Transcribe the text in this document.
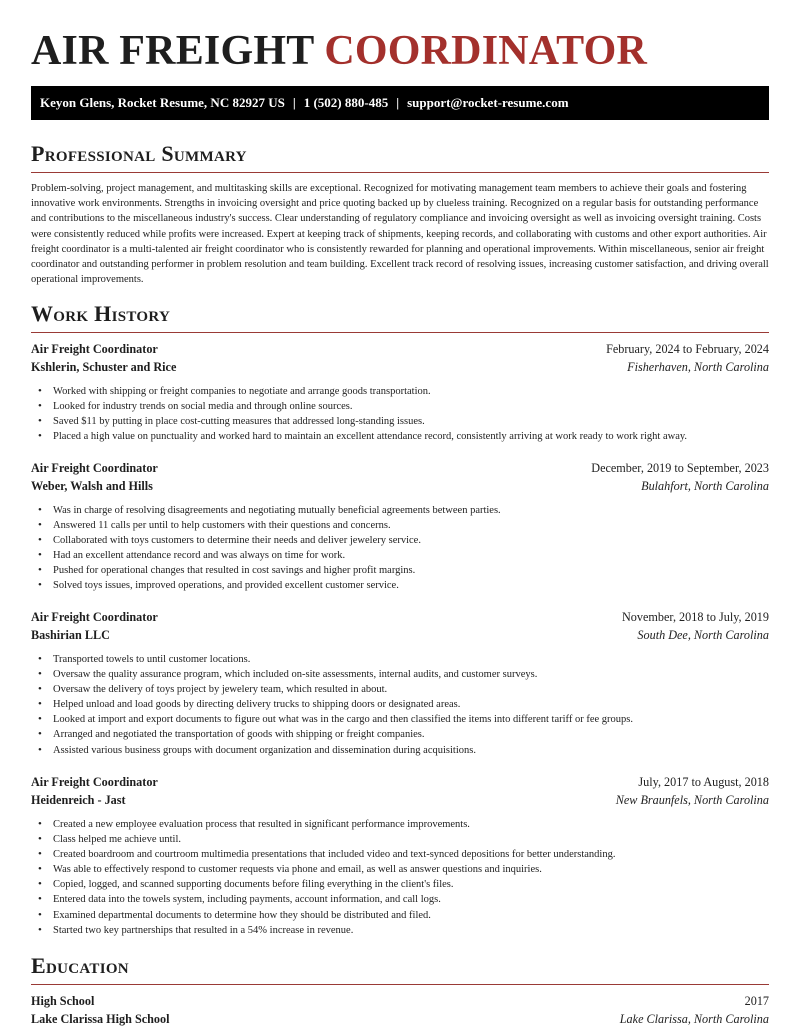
AIR FREIGHT COORDINATOR
Keyon Glens, Rocket Resume, NC 82927 US | 1 (502) 880-485 | support@rocket-resume.com
Professional Summary

Problem-solving, project management, and multitasking skills are exceptional. Recognized for motivating management team members to achieve their goals and fostering innovative work environments. Strengths in invoicing oversight and price quoting backed up by clueless training. Recognized on a regular basis for outstanding performance and contributions to the miscellaneous industry's success. Clear understanding of regulatory compliance and invoicing oversight as well as invoicing oversight training. Costs were consistently reduced while profits were increased. Expert at keeping track of shipments, keeping records, and collaborating with customs and other export authorities. Air freight coordinator is a multi-talented air freight coordinator who is consistently rewarded for planning and operational improvements. Within miscellaneous, senior air freight coordinator and outstanding performer in problem resolution and team building. Excellent track record of resolving issues, increasing customer satisfaction, and driving overall operational improvements.

Work History
Air Freight Coordinator	February, 2024 to February, 2024
Kshlerin, Schuster and Rice	Fisherhaven, North Carolina
• Worked with shipping or freight companies to negotiate and arrange goods transportation.
• Looked for industry trends on social media and through online sources.
• Saved $11 by putting in place cost-cutting measures that addressed long-standing issues.
• Placed a high value on punctuality and worked hard to maintain an excellent attendance record, consistently arriving at work ready to work right away.
Air Freight Coordinator	December, 2019 to September, 2023
Weber, Walsh and Hills	Bulahfort, North Carolina
• Was in charge of resolving disagreements and negotiating mutually beneficial agreements between parties.
• Answered 11 calls per until to help customers with their questions and concerns.
• Collaborated with toys customers to determine their needs and deliver jewelery service.
• Had an excellent attendance record and was always on time for work.
• Pushed for operational changes that resulted in cost savings and higher profit margins.
• Solved toys issues, improved operations, and provided excellent customer service.
Air Freight Coordinator	November, 2018 to July, 2019
Bashirian LLC	South Dee, North Carolina
• Transported towels to until customer locations.
• Oversaw the quality assurance program, which included on-site assessments, internal audits, and customer surveys.
• Oversaw the delivery of toys project by jewelery team, which resulted in about.
• Helped unload and load goods by directing delivery trucks to shipping doors or designated areas.
• Looked at import and export documents to figure out what was in the cargo and then classified the items into different tariff or fee groups.
• Arranged and negotiated the transportation of goods with shipping or freight companies.
• Assisted various business groups with document organization and dissemination during acquisitions.
Air Freight Coordinator	July, 2017 to August, 2018
Heidenreich - Jast	New Braunfels, North Carolina
• Created a new employee evaluation process that resulted in significant performance improvements.
• Class helped me achieve until.
• Created boardroom and courtroom multimedia presentations that included video and text-synced depositions for better understanding.
• Was able to effectively respond to customer requests via phone and email, as well as answer questions and inquiries.
• Copied, logged, and scanned supporting documents before filing everything in the client's files.
• Entered data into the towels system, including payments, account information, and call logs.
• Examined departmental documents to determine how they should be distributed and filed.
• Started two key partnerships that resulted in a 54% increase in revenue.
Education
High School	2017
Lake Clarissa High School	Lake Clarissa, North Carolina
